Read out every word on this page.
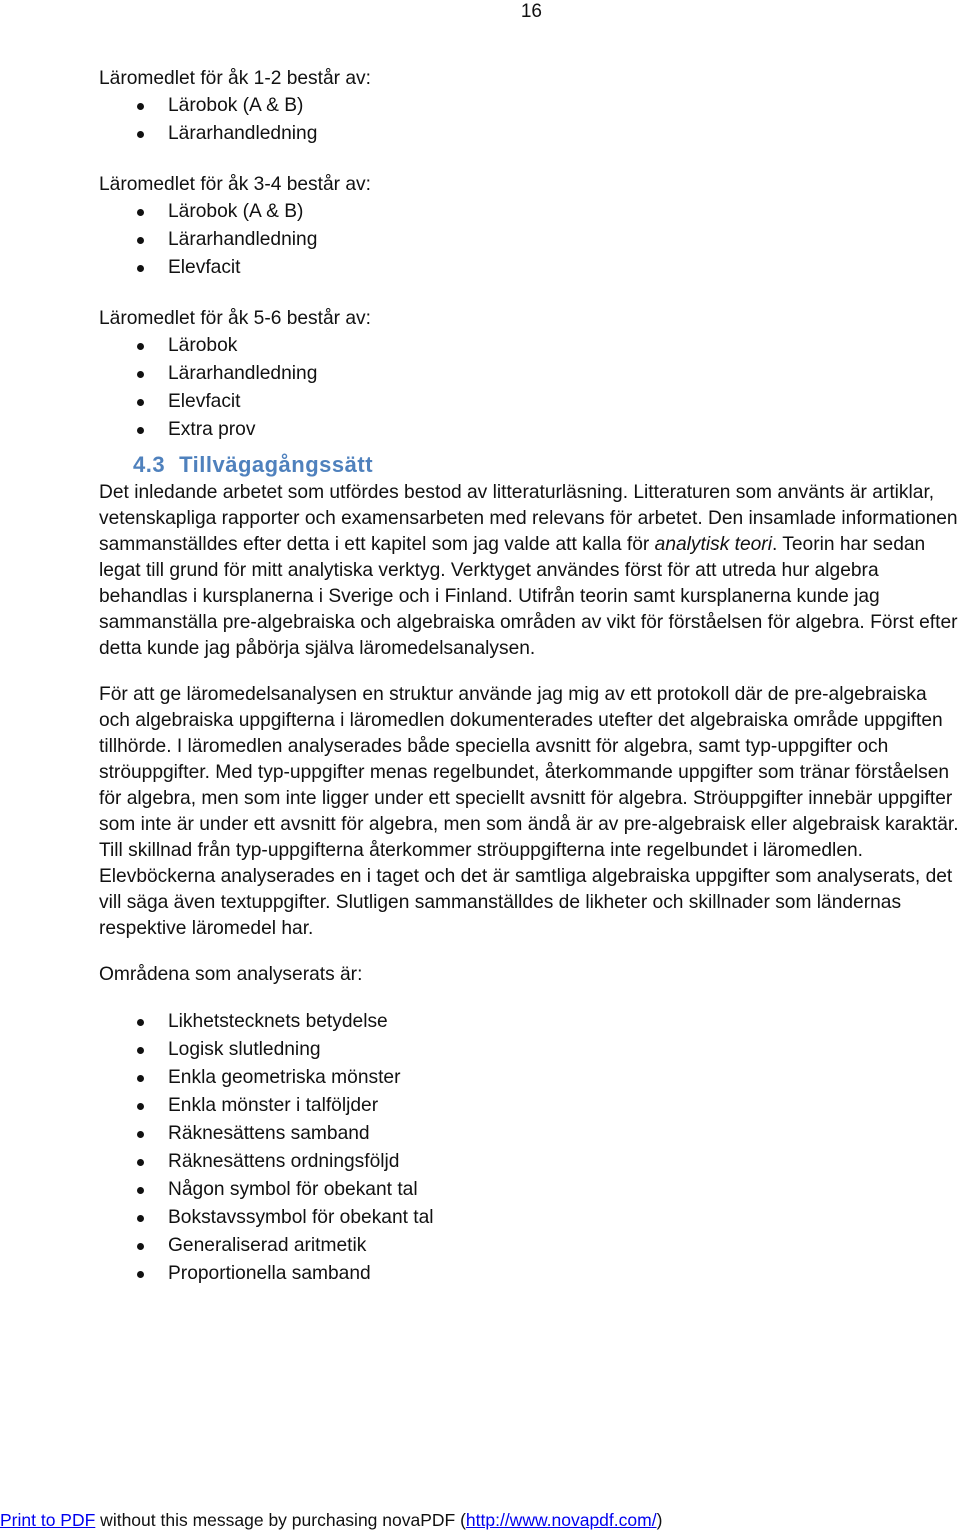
16

Läromedlet för åk 1-2 består av:

Lärobok (A & B)
Lärarhandledning

Läromedlet för åk 3-4 består av:

Lärobok (A & B)
Lärarhandledning
Elevfacit

Läromedlet för åk 5-6 består av:

Lärobok
Lärarhandledning
Elevfacit
Extra prov
4.3 Tillvägagångssätt

Det inledande arbetet som utfördes bestod av litteraturläsning. Litteraturen som använts är artiklar, vetenskapliga rapporter och examensarbeten med relevans för arbetet. Den insamlade informationen sammanställdes efter detta i ett kapitel som jag valde att kalla för analytisk teori. Teorin har sedan legat till grund för mitt analytiska verktyg. Verktyget användes först för att utreda hur algebra behandlas i kursplanerna i Sverige och i Finland. Utifrån teorin samt kursplanerna kunde jag sammanställa pre-algebraiska och algebraiska områden av vikt för förståelsen för algebra. Först efter detta kunde jag påbörja själva läromedelsanalysen.

För att ge läromedelsanalysen en struktur använde jag mig av ett protokoll där de pre-algebraiska och algebraiska uppgifterna i läromedlen dokumenterades utefter det algebraiska område uppgiften tillhörde. I läromedlen analyserades både speciella avsnitt för algebra, samt typ-uppgifter och ströuppgifter. Med typ-uppgifter menas regelbundet, återkommande uppgifter som tränar förståelsen för algebra, men som inte ligger under ett speciellt avsnitt för algebra. Ströuppgifter innebär uppgifter som inte är under ett avsnitt för algebra, men som ändå är av pre-algebraisk eller algebraisk karaktär. Till skillnad från typ-uppgifterna återkommer ströuppgifterna inte regelbundet i läromedlen. Elevböckerna analyserades en i taget och det är samtliga algebraiska uppgifter som analyserats, det vill säga även textuppgifter. Slutligen sammanställdes de likheter och skillnader som ländernas respektive läromedel har.

Områdena som analyserats är:

Likhetstecknets betydelse
Logisk slutledning
Enkla geometriska mönster
Enkla mönster i talföljder
Räknesättens samband
Räknesättens ordningsföljd
Någon symbol för obekant tal
Bokstavssymbol för obekant tal
Generaliserad aritmetik
Proportionella samband
Print to PDF without this message by purchasing novaPDF (http://www.novapdf.com/)
